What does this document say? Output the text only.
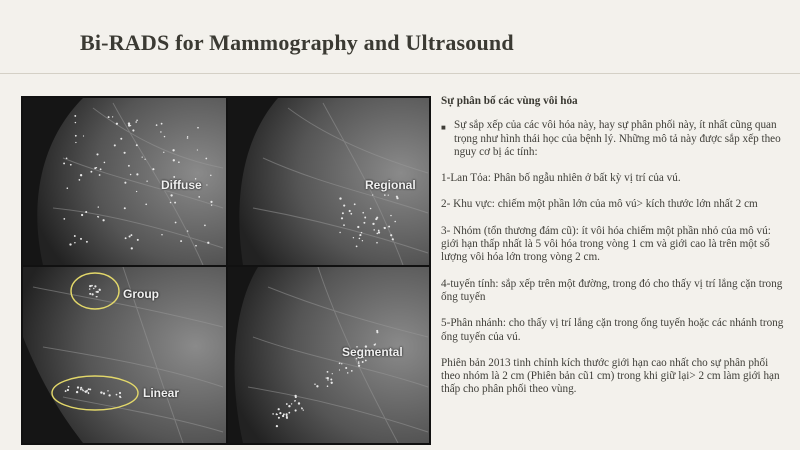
Bi-RADS for Mammography and Ultrasound
Diffuse	Regional
Group
Linear
Segmental
Sự phân bố các vùng vôi hóa
■ Sự sắp xếp của các vôi hóa này, hay sự phân phối này, ít nhất cũng quan trọng như hình thái học của bệnh lý. Những mô tả này được sắp xếp theo nguy cơ bị ác tính:
1-Lan Tỏa: Phân bố ngẫu nhiên ở bất kỳ vị trí của vú.
2- Khu vực: chiếm một phần lớn của mô vú> kích thước lớn nhất 2 cm
3- Nhóm (tổn thương đám cũ): ít vôi hóa chiếm một phần nhỏ của mô vú: giới hạn thấp nhất là 5 vôi hóa trong vòng 1 cm và giới cao là trên một số lượng vôi hóa lớn trong vòng 2 cm.
4-tuyến tính: sắp xếp trên một đường, trong đó cho thấy vị trí lắng cặn trong ống tuyến
5-Phân nhánh: cho thấy vị trí lắng cặn trong ống tuyến hoặc các nhánh trong ống tuyến của vú.
Phiên bản 2013 tinh chỉnh kích thước giới hạn cao nhất cho sự phân phối theo nhóm là 2 cm (Phiên bản cũ1 cm) trong khi giữ lại> 2 cm làm giới hạn thấp cho phân phối theo vùng.
